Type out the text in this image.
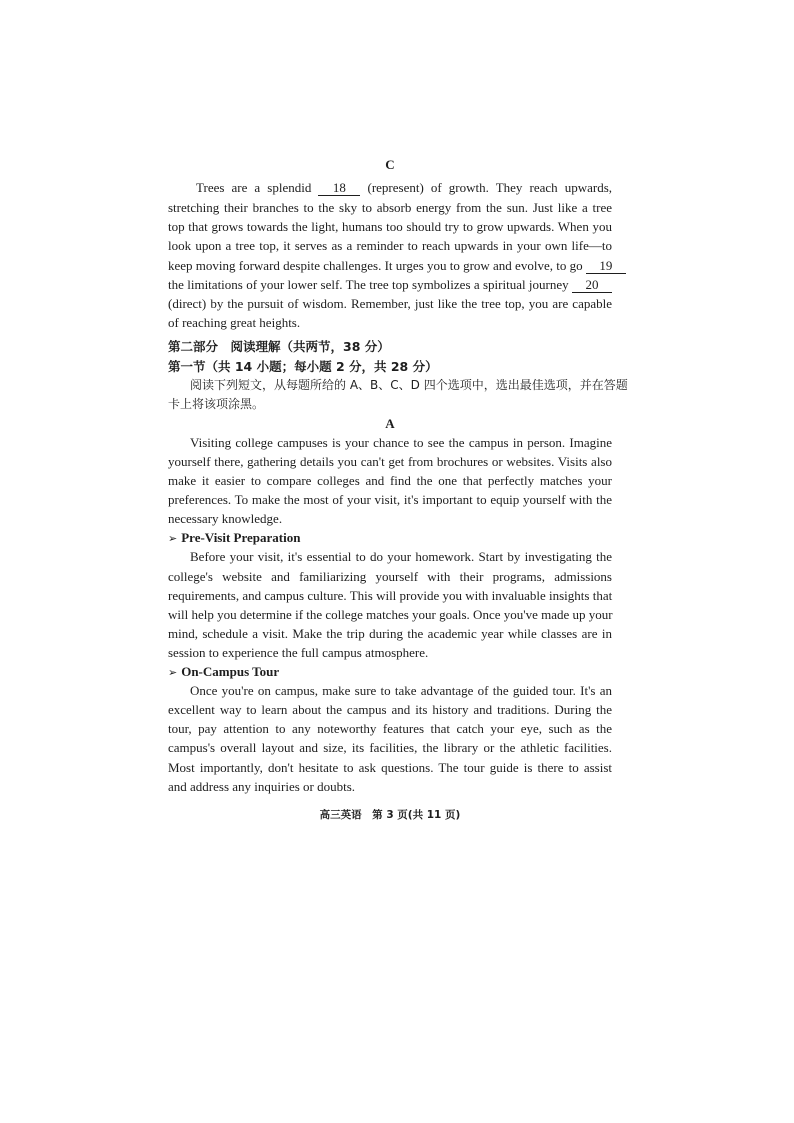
C
Trees are a splendid 18 (represent) of growth. They reach upwards,
stretching their branches to the sky to absorb energy from the sun. Just like a tree
top that grows towards the light, humans too should try to grow upwards. When you
look upon a tree top, it serves as a reminder to reach upwards in your own life—to
keep moving forward despite challenges. It urges you to grow and evolve, to go 19
the limitations of your lower self. The tree top symbolizes a spiritual journey 20
(direct) by the pursuit of wisdom. Remember, just like the tree top, you are capable
of reaching great heights.
第二部分　阅读理解（共两节，38 分）
第一节（共 14 小题；每小题 2 分，共 28 分）
阅读下列短文，从每题所给的 A、B、C、D 四个选项中，选出最佳选项，并在答题
卡上将该项涂黑。
A
Visiting college campuses is your chance to see the campus in person. Imagine
yourself there, gathering details you can't get from brochures or websites. Visits also
make it easier to compare colleges and find the one that perfectly matches your
preferences. To make the most of your visit, it's important to equip yourself with the
necessary knowledge.
➢ Pre-Visit Preparation
Before your visit, it's essential to do your homework. Start by investigating the
college's website and familiarizing yourself with their programs, admissions
requirements, and campus culture. This will provide you with invaluable insights that
will help you determine if the college matches your goals. Once you've made up your
mind, schedule a visit. Make the trip during the academic year while classes are in
session to experience the full campus atmosphere.
➢ On-Campus Tour
Once you're on campus, make sure to take advantage of the guided tour. It's an
excellent way to learn about the campus and its history and traditions. During the
tour, pay attention to any noteworthy features that catch your eye, such as the
campus's overall layout and size, its facilities, the library or the athletic facilities.
Most importantly, don't hesitate to ask questions. The tour guide is there to assist
and address any inquiries or doubts.
高三英语　第 3 页(共 11 页)
